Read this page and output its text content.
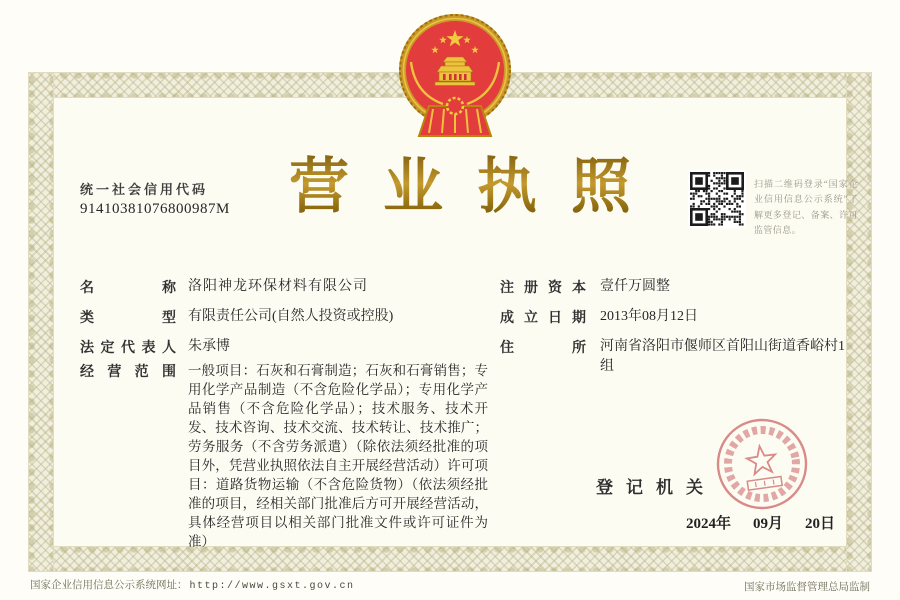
统一社会信用代码
91410381076800987M 营业执照	扫描二维码登录“国家企业信用信息公示系统”了解更多登记、备案、许可监管信息。
名称 洛阳神龙环保材料有限公司
类型 有限责任公司(自然人投资或控股)
法定代表人 朱承博
经营范围 一般项目：石灰和石膏制造；石灰和石膏销售；专用化学产品制造（不含危险化学品）；专用化学产品销售（不含危险化学品）；技术服务、技术开发、技术咨询、技术交流、技术转让、技术推广；劳务服务（不含劳务派遣）（除依法须经批准的项目外，凭营业执照依法自主开展经营活动）许可项目：道路货物运输（不含危险货物）（依法须经批准的项目，经相关部门批准后方可开展经营活动，具体经营项目以相关部门批准文件或许可证件为准）
注册资本 壹仟万圆整
成立日期 2013年08月12日
住所 河南省洛阳市偃师区首阳山街道香峪村1组
登记机关
2024年 09月 20日
国家企业信用信息公示系统网址： http://www.gsxt.gov.cn	国家市场监督管理总局监制
